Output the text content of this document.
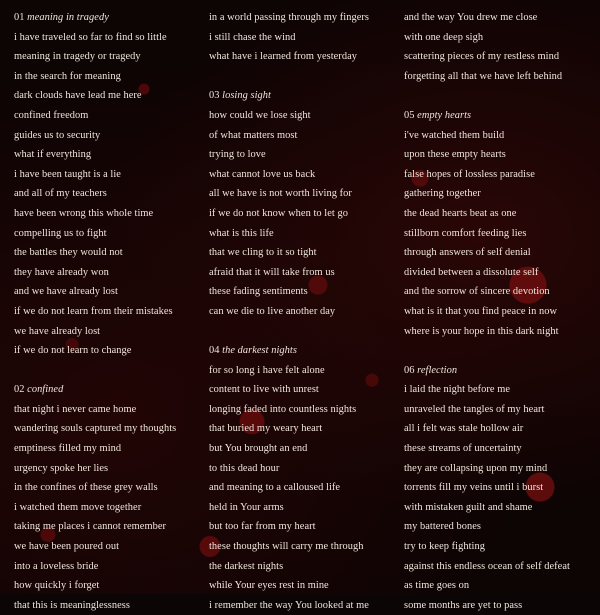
01 meaning in tragedy
i have traveled so far to find so little
meaning in tragedy or tragedy
in the search for meaning
dark clouds have lead me here
confined freedom
guides us to security
what if everything
i have been taught is a lie
and all of my teachers
have been wrong this whole time
compelling us to fight
the battles they would not
they have already won
and we have already lost
if we do not learn from their mistakes
we have already lost
if we do not learn to change
02 confined
that night i never came home
wandering souls captured my thoughts
emptiness filled my mind
urgency spoke her lies
in the confines of these grey walls
i watched them move together
taking me places i cannot remember
we have been poured out
into a loveless bride
how quickly i forget
that this is meaninglessness
in a world passing through my fingers
i still chase the wind
what have i learned from yesterday
03 losing sight
how could we lose sight
of what matters most
trying to love
what cannot love us back
all we have is not worth living for
if we do not know when to let go
what is this life
that we cling to it so tight
afraid that it will take from us
these fading sentiments
can we die to live another day
04 the darkest nights
for so long i have felt alone
content to live with unrest
longing faded into countless nights
that buried my weary heart
but You brought an end
to this dead hour
and meaning to a calloused life
held in Your arms
but too far from my heart
these thoughts will carry me through
the darkest nights
while Your eyes rest in mine
i remember the way You looked at me
and the way You drew me close
with one deep sigh
scattering pieces of my restless mind
forgetting all that we have left behind
05 empty hearts
i've watched them build
upon these empty hearts
false hopes of lossless paradise
gathering together
the dead hearts beat as one
stillborn comfort feeding lies
through answers of self denial
divided between a dissolute self
and the sorrow of sincere devotion
what is it that you find peace in now
where is your hope in this dark night
06 reflection
i laid the night before me
unraveled the tangles of my heart
all i felt was stale hollow air
these streams of uncertainty
they are collapsing upon my mind
torrents fill my veins until i burst
with mistaken guilt and shame
my battered bones
try to keep fighting
against this endless ocean of self defeat
as time goes on
some months are yet to pass
